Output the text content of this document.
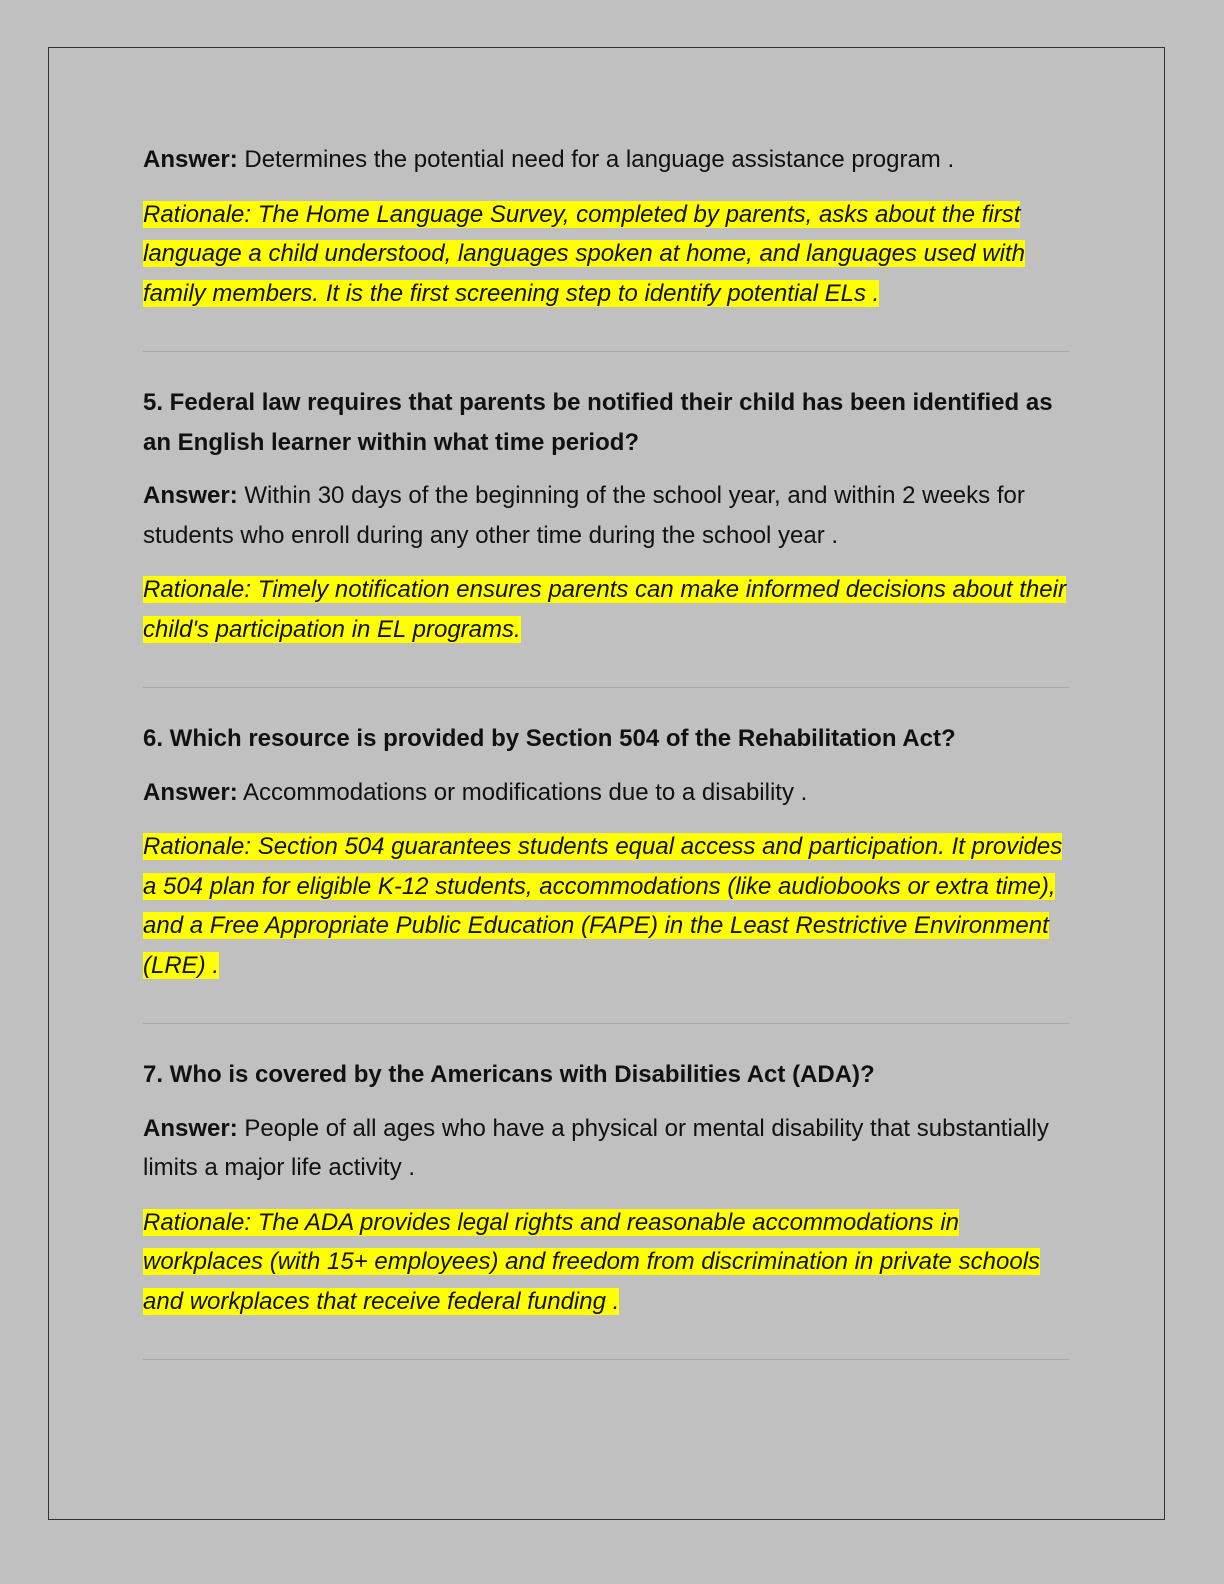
Answer: Determines the potential need for a language assistance program .

Rationale: The Home Language Survey, completed by parents, asks about the first language a child understood, languages spoken at home, and languages used with family members. It is the first screening step to identify potential ELs .

5. Federal law requires that parents be notified their child has been identified as an English learner within what time period?

Answer: Within 30 days of the beginning of the school year, and within 2 weeks for students who enroll during any other time during the school year .

Rationale: Timely notification ensures parents can make informed decisions about their child's participation in EL programs.

6. Which resource is provided by Section 504 of the Rehabilitation Act?

Answer: Accommodations or modifications due to a disability .

Rationale: Section 504 guarantees students equal access and participation. It provides a 504 plan for eligible K-12 students, accommodations (like audiobooks or extra time), and a Free Appropriate Public Education (FAPE) in the Least Restrictive Environment (LRE) .

7. Who is covered by the Americans with Disabilities Act (ADA)?

Answer: People of all ages who have a physical or mental disability that substantially limits a major life activity .

Rationale: The ADA provides legal rights and reasonable accommodations in workplaces (with 15+ employees) and freedom from discrimination in private schools and workplaces that receive federal funding .
